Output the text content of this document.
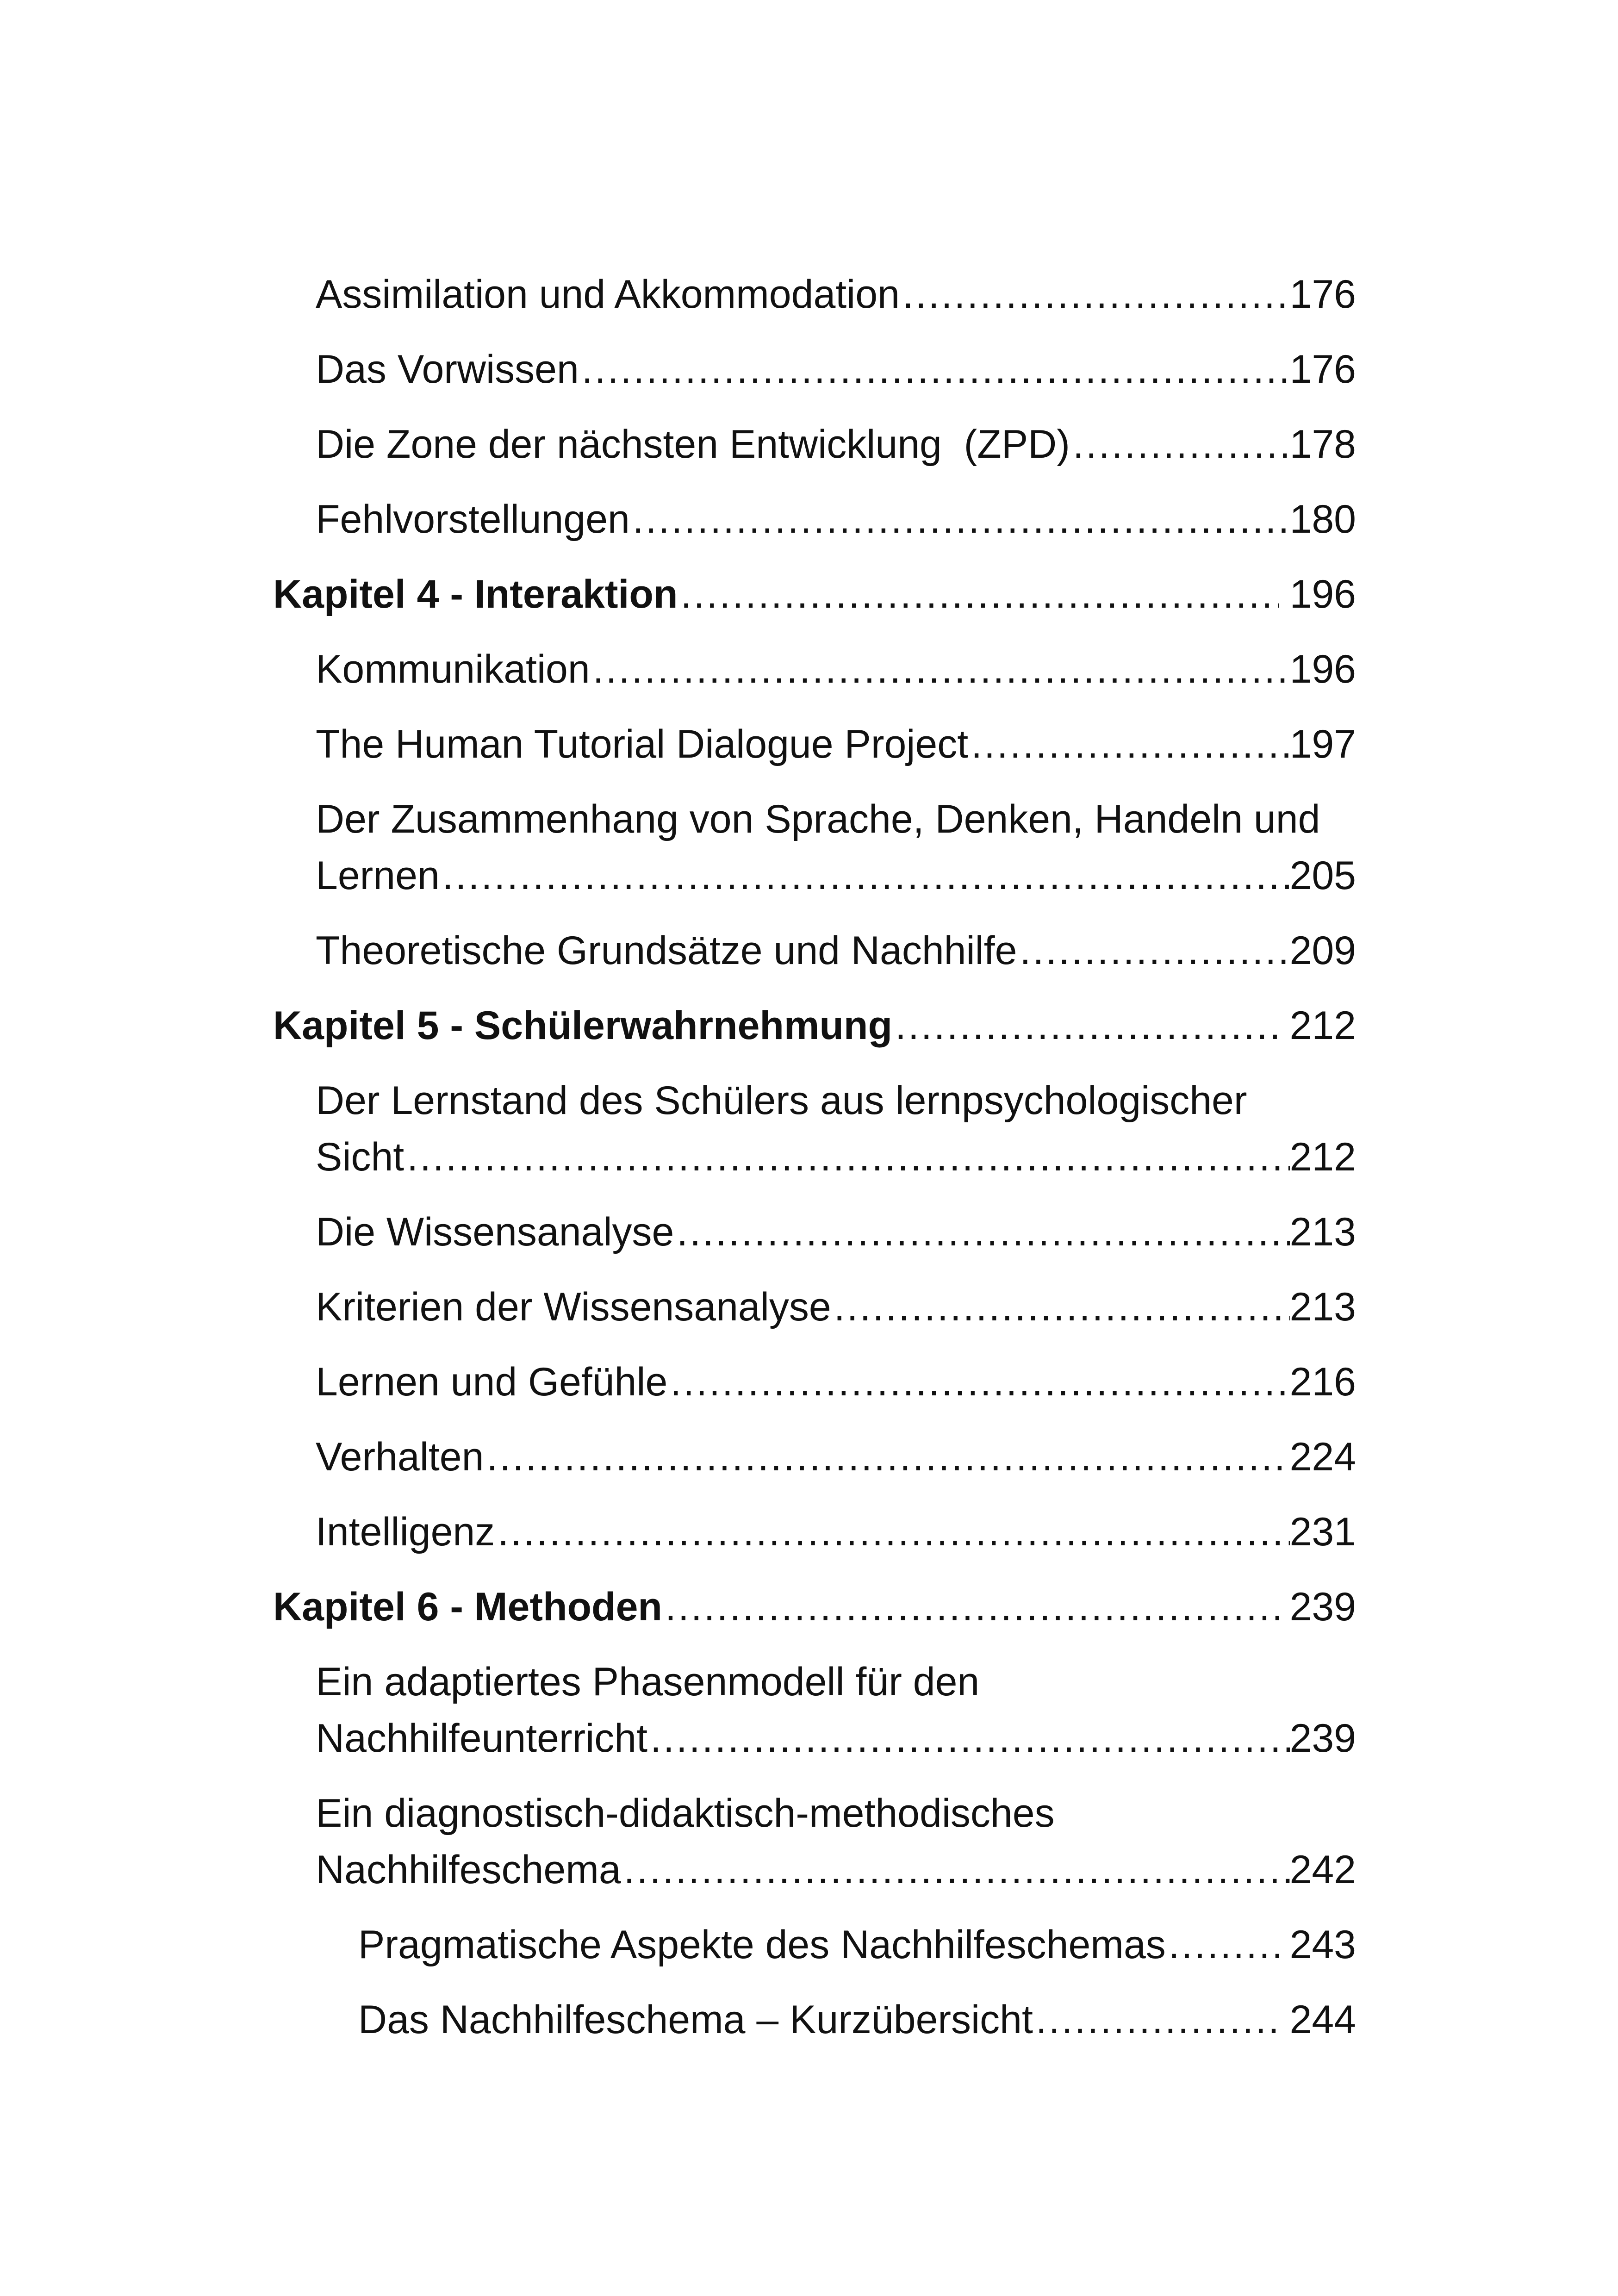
Assimilation und Akkommodation .....	176
Das Vorwissen .....	176
Die Zone der nächsten Entwicklung  (ZPD) .....	178
Fehlvorstellungen .....	180
Kapitel 4 - Interaktion .....	196
Kommunikation .....	196
The Human Tutorial Dialogue Project .....	197
Der Zusammenhang von Sprache, Denken, Handeln und
Lernen .....	205
Theoretische Grundsätze und Nachhilfe .....	209
Kapitel 5 - Schülerwahrnehmung .....	212
Der Lernstand des Schülers aus lernpsychologischer
Sicht .....	212
Die Wissensanalyse .....	213
Kriterien der Wissensanalyse .....	213
Lernen und Gefühle .....	216
Verhalten .....	224
Intelligenz .....	231
Kapitel 6 - Methoden .....	239
Ein adaptiertes Phasenmodell für den
Nachhilfeunterricht .....	239
Ein diagnostisch-didaktisch-methodisches
Nachhilfeschema .....	242
Pragmatische Aspekte des Nachhilfeschemas .....	243
Das Nachhilfeschema – Kurzübersicht .....	244
